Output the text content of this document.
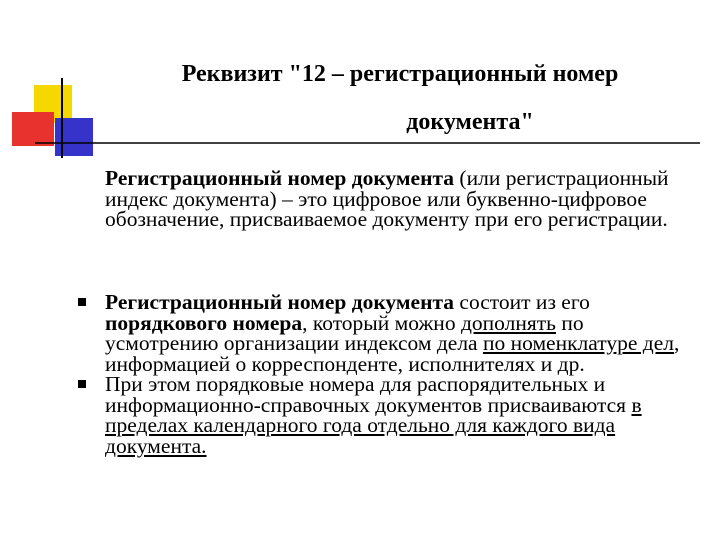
Реквизит "12 – регистрационный номер
документа"
Регистрационный номер документа (или регистрационный индекс документа) – это цифровое или буквенно-цифровое обозначение, присваиваемое документу при его регистрации.
Регистрационный номер документа состоит из его порядкового номера, который можно дополнять по усмотрению организации индексом дела по номенклатуре дел, информацией о корреспонденте, исполнителях и др.
При этом порядковые номера для распорядительных и информационно-справочных документов присваиваются в пределах календарного года отдельно для каждого вида документа.
